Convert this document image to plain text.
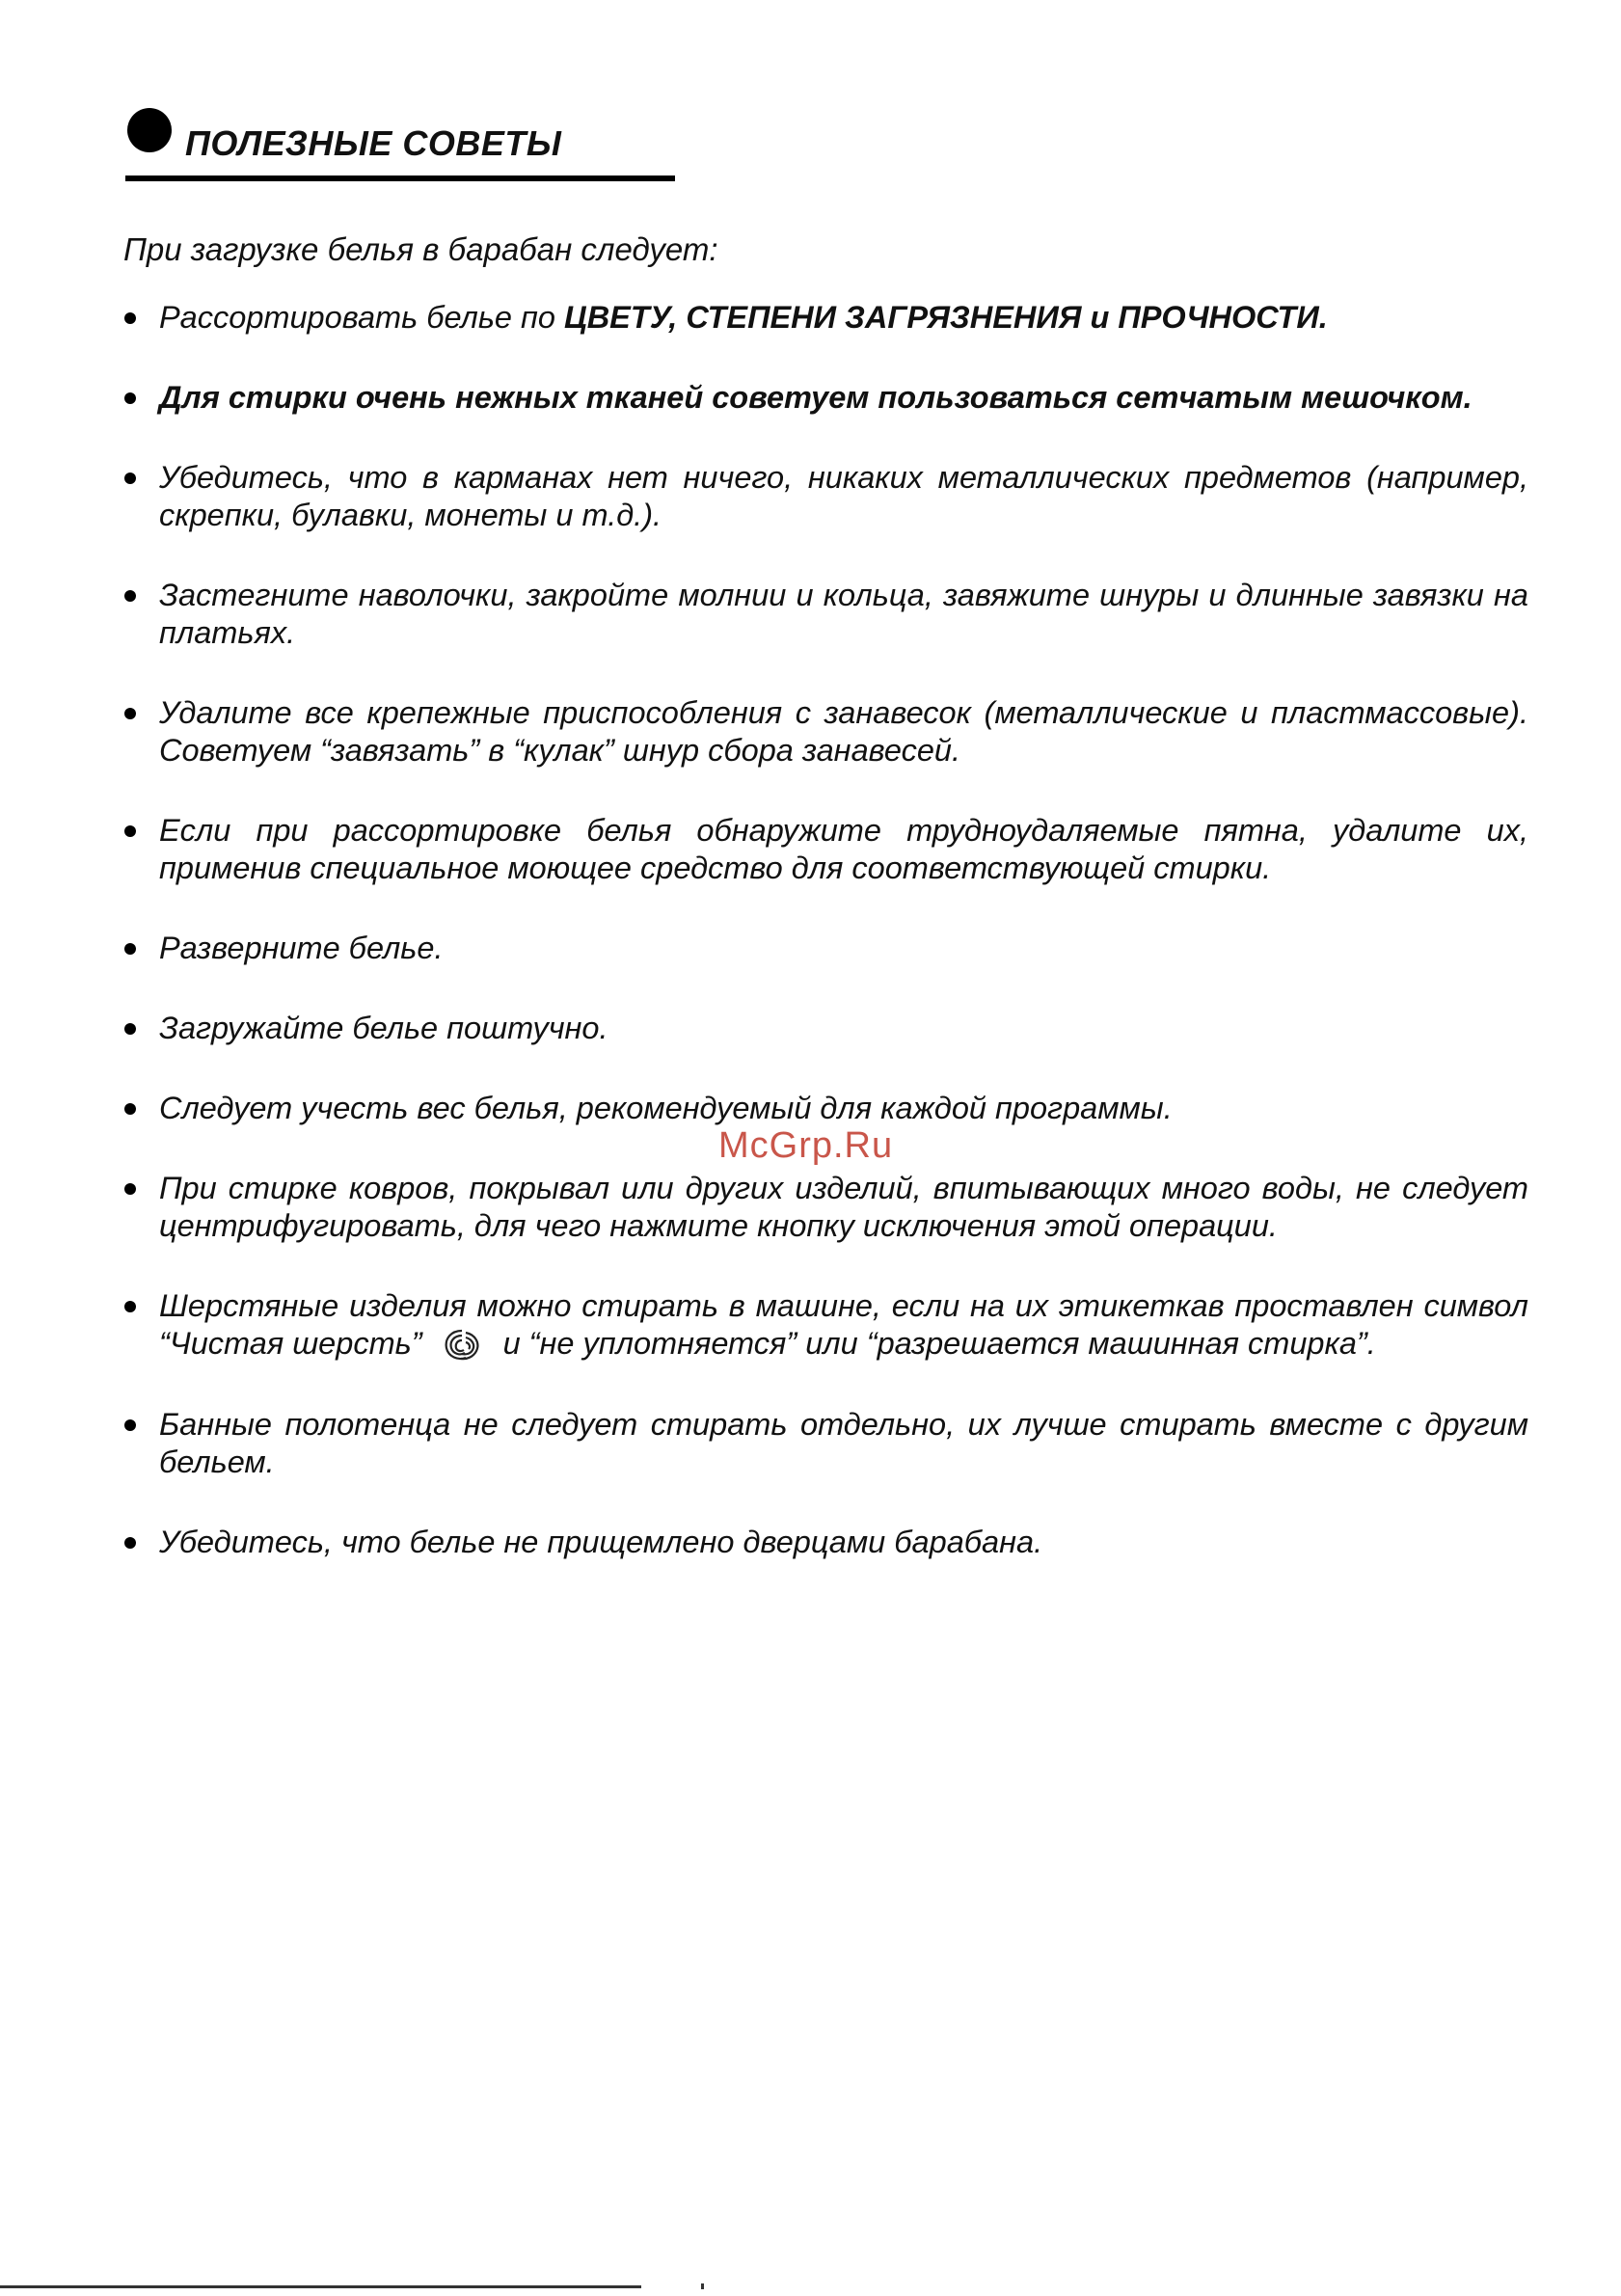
ПОЛЕЗНЫЕ СОВЕТЫ
При загрузке белья в барабан следует:
Рассортировать белье по ЦВЕТУ, СТЕПЕНИ ЗАГРЯЗНЕНИЯ и ПРОЧНОСТИ.
Для стирки очень нежных тканей советуем пользоваться сетчатым мешочком.
Убедитесь, что в карманах нет ничего, никаких металлических предметов (например, скрепки, булавки, монеты и т.д.).
Застегните наволочки, закройте молнии и кольца, завяжите шнуры и длинные завязки на платьях.
Удалите все крепежные приспособления с занавесок (металлические и пластмассовые). Советуем “завязать” в “кулак” шнур сбора занавесей.
Если при рассортировке белья обнаружите трудноудаляемые пятна, удалите их, применив специальное моющее средство для соответствующей стирки.
Разверните белье.
Загружайте белье поштучно.
Следует учесть вес белья, рекомендуемый для каждой программы.
При стирке ковров, покрывал или других изделий, впитывающих много воды, не следует центрифугировать, для чего нажмите кнопку исключения этой операции.
Шерстяные изделия можно стирать в машине, если на их этикеткав проставлен символ “Чистая шерсть”	и “не уплотняется” или “разрешается машинная стирка”.
Банные полотенца не следует стирать отдельно, их лучше стирать вместе с другим бельем.
Убедитесь, что белье не прищемлено дверцами барабана.
McGrp.Ru
